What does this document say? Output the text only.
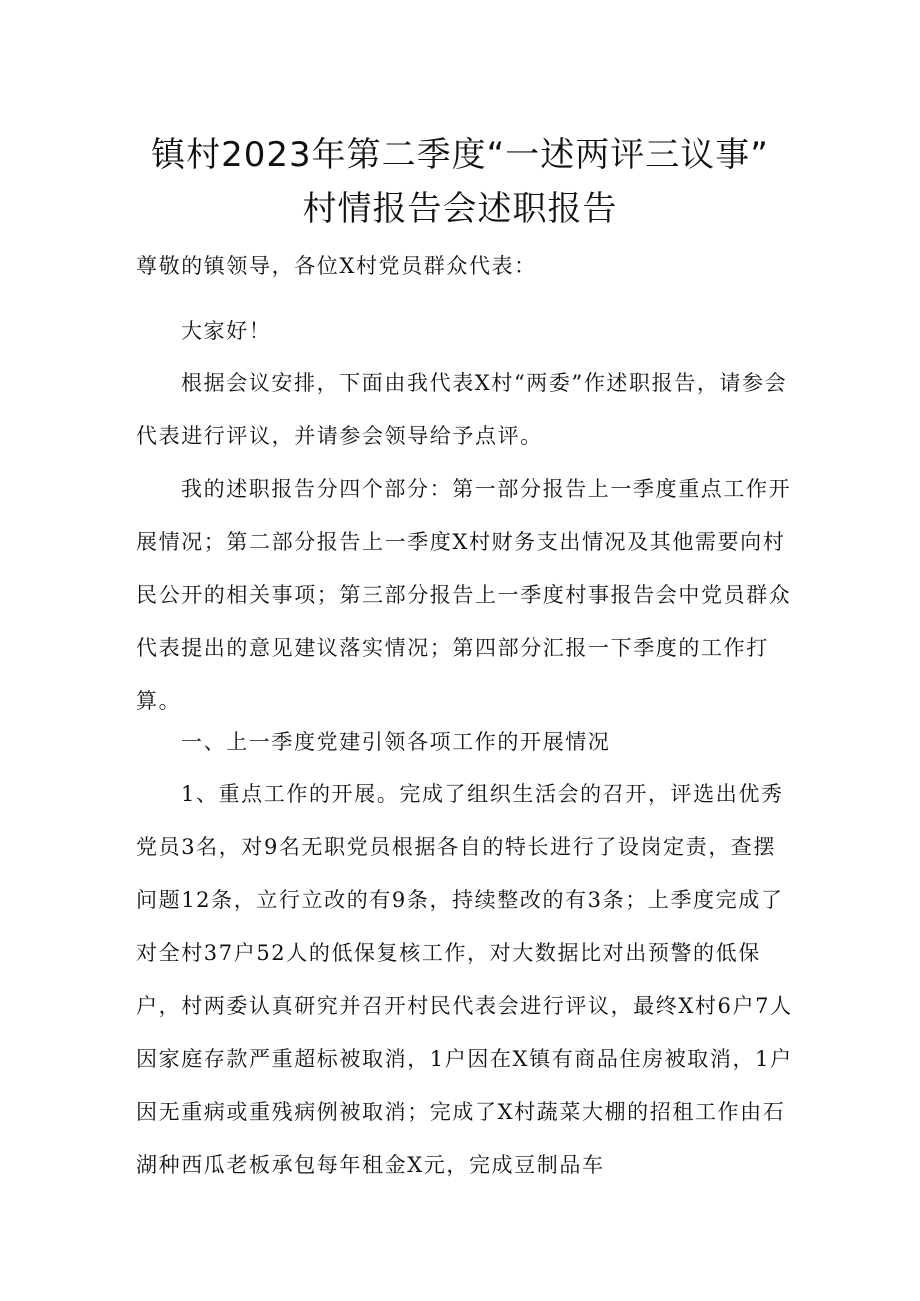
镇村2023年第二季度“一述两评三议事”
村情报告会述职报告

尊敬的镇领导，各位X村党员群众代表：

大家好！

根据会议安排，下面由我代表X村“两委”作述职报告，请参会代表进行评议，并请参会领导给予点评。

我的述职报告分四个部分：第一部分报告上一季度重点工作开展情况；第二部分报告上一季度X村财务支出情况及其他需要向村民公开的相关事项；第三部分报告上一季度村事报告会中党员群众代表提出的意见建议落实情况；第四部分汇报一下季度的工作打算。

一、上一季度党建引领各项工作的开展情况

1、重点工作的开展。完成了组织生活会的召开，评选出优秀党员3名，对9名无职党员根据各自的特长进行了设岗定责，查摆问题12条，立行立改的有9条，持续整改的有3条；上季度完成了对全村37户52人的低保复核工作，对大数据比对出预警的低保户，村两委认真研究并召开村民代表会进行评议，最终X村6户7人因家庭存款严重超标被取消，1户因在X镇有商品住房被取消，1户因无重病或重残病例被取消；完成了X村蔬菜大棚的招租工作由石湖种西瓜老板承包每年租金X元，完成豆制品车
